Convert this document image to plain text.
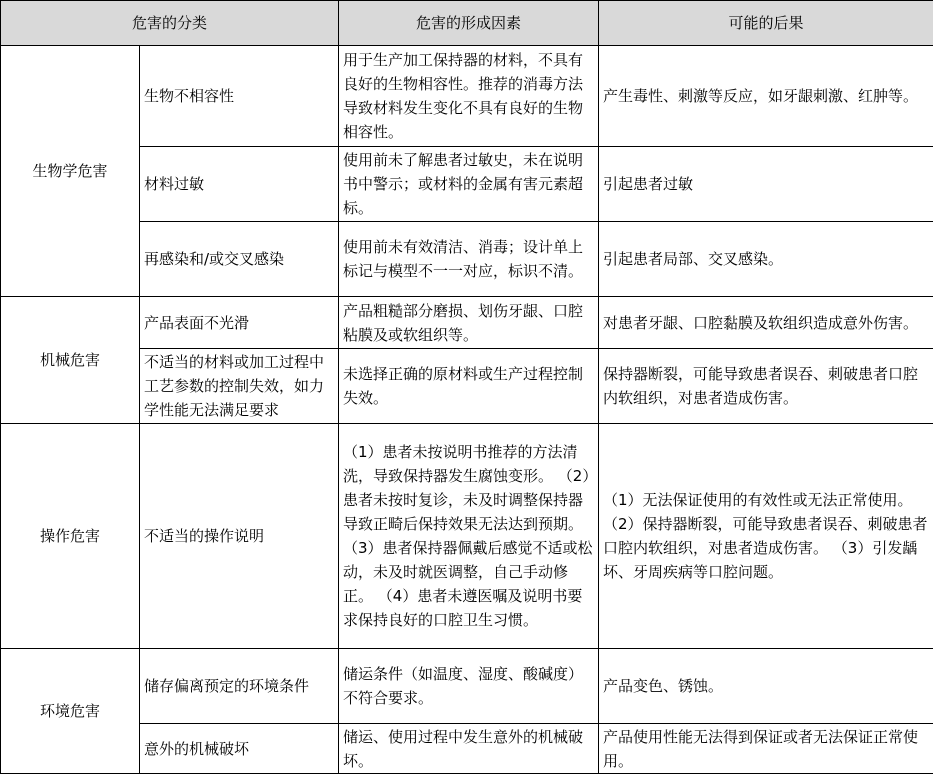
危害的分类		危害的形成因素	可能的后果
生物学危害	生物不相容性	用于生产加工保持器的材料，不具有良好的生物相容性。推荐的消毒方法导致材料发生变化不具有良好的生物相容性。	产生毒性、刺激等反应，如牙龈刺激、红肿等。
	材料过敏	使用前未了解患者过敏史，未在说明书中警示；或材料的金属有害元素超标。	引起患者过敏
	再感染和/或交叉感染	使用前未有效清洁、消毒；设计单上标记与模型不一一对应，标识不清。	引起患者局部、交叉感染。
机械危害	产品表面不光滑	产品粗糙部分磨损、划伤牙龈、口腔粘膜及或软组织等。	对患者牙龈、口腔黏膜及软组织造成意外伤害。
	不适当的材料或加工过程中工艺参数的控制失效，如力学性能无法满足要求	未选择正确的原材料或生产过程控制失效。	保持器断裂，可能导致患者误吞、刺破患者口腔内软组织，对患者造成伤害。
操作危害	不适当的操作说明	（1）患者未按说明书推荐的方法清洗，导致保持器发生腐蚀变形。 （2）患者未按时复诊，未及时调整保持器导致正畸后保持效果无法达到预期。 （3）患者保持器佩戴后感觉不适或松动，未及时就医调整，自己手动修正。 （4）患者未遵医嘱及说明书要求保持良好的口腔卫生习惯。	（1）无法保证使用的有效性或无法正常使用。 （2）保持器断裂，可能导致患者误吞、刺破患者口腔内软组织，对患者造成伤害。 （3）引发龋坏、牙周疾病等口腔问题。
环境危害	储存偏离预定的环境条件	储运条件（如温度、湿度、酸碱度）不符合要求。	产品变色、锈蚀。
	意外的机械破坏	储运、使用过程中发生意外的机械破坏。	产品使用性能无法得到保证或者无法保证正常使用。
